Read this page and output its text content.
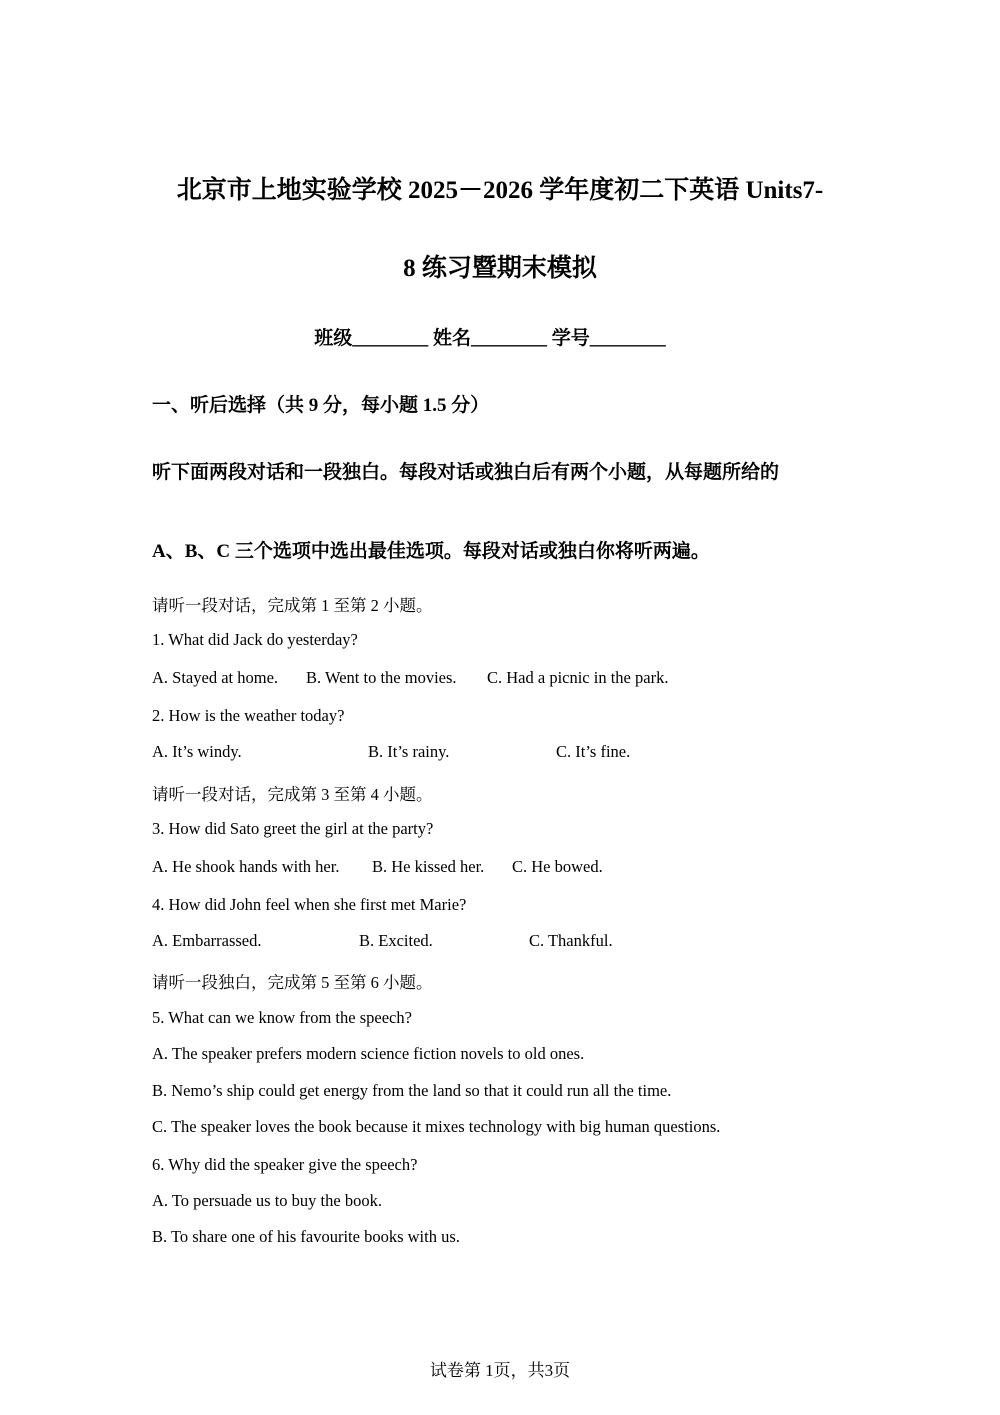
北京市上地实验学校 2025－2026 学年度初二下英语 Units7-
8 练习暨期末模拟
班级________ 姓名________ 学号________
一、听后选择（共 9 分，每小题 1.5 分）
听下面两段对话和一段独白。每段对话或独白后有两个小题，从每题所给的
A、B、C 三个选项中选出最佳选项。每段对话或独白你将听两遍。
请听一段对话，完成第 1 至第 2 小题。
1. What did Jack do yesterday?
A. Stayed at home. B. Went to the movies. C. Had a picnic in the park.
2. How is the weather today?
A. It’s windy.	B. It’s rainy.	C. It’s fine.
请听一段对话，完成第 3 至第 4 小题。
3. How did Sato greet the girl at the party?
A. He shook hands with her. B. He kissed her. C. He bowed.
4. How did John feel when she first met Marie?
A. Embarrassed.	B. Excited.	C. Thankful.
请听一段独白，完成第 5 至第 6 小题。
5. What can we know from the speech?
A. The speaker prefers modern science fiction novels to old ones.
B. Nemo’s ship could get energy from the land so that it could run all the time.
C. The speaker loves the book because it mixes technology with big human questions.
6. Why did the speaker give the speech?
A. To persuade us to buy the book.
B. To share one of his favourite books with us.
试卷第 1页，共3页
